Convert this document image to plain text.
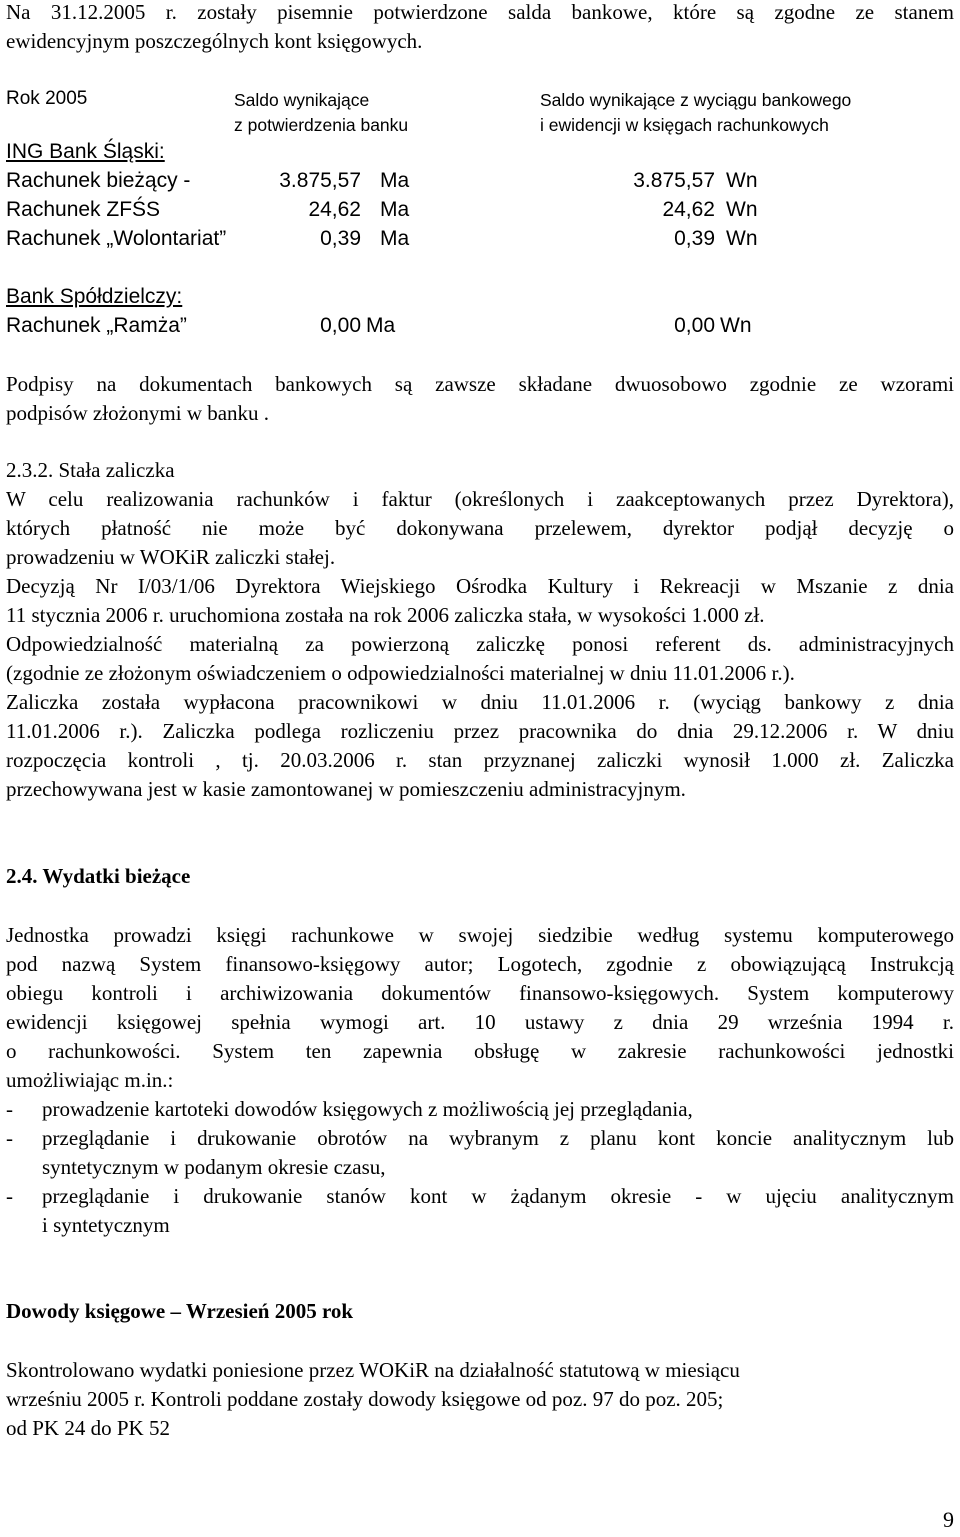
Na 31.12.2005 r. zostały pisemnie potwierdzone salda bankowe, które są zgodne ze stanem
ewidencyjnym poszczególnych kont księgowych.
Rok 2005	Saldo wynikające
z potwierdzenia banku
Saldo wynikające z wyciągu bankowego
i ewidencji w księgach rachunkowych
ING Bank Śląski:
Rachunek bieżący -	3.875,57 Ma	3.875,57 Wn
Rachunek ZFŚS	24,62 Ma	24,62 Wn
Rachunek „Wolontariat”	0,39 Ma	0,39 Wn
Bank Spółdzielczy:
Rachunek „Ramża”	0,00 Ma	0,00 Wn
Podpisy na dokumentach bankowych są zawsze składane dwuosobowo zgodnie ze wzorami
podpisów złożonymi w banku .
2.3.2. Stała zaliczka
W celu realizowania rachunków i faktur (określonych i zaakceptowanych przez Dyrektora),
których płatność nie może być dokonywana przelewem, dyrektor podjął decyzję o
prowadzeniu w WOKiR zaliczki stałej.
Decyzją Nr I/03/1/06 Dyrektora Wiejskiego Ośrodka Kultury i Rekreacji w Mszanie z dnia
11 stycznia 2006 r. uruchomiona została na rok 2006 zaliczka stała, w wysokości 1.000 zł.
Odpowiedzialność materialną za powierzoną zaliczkę ponosi referent ds. administracyjnych
(zgodnie ze złożonym oświadczeniem o odpowiedzialności materialnej w dniu 11.01.2006 r.).
Zaliczka została wypłacona pracownikowi w dniu 11.01.2006 r. (wyciąg bankowy z dnia
11.01.2006 r.). Zaliczka podlega rozliczeniu przez pracownika do dnia 29.12.2006 r. W dniu
rozpoczęcia kontroli , tj. 20.03.2006 r. stan przyznanej zaliczki wynosił 1.000 zł. Zaliczka
przechowywana jest w kasie zamontowanej w pomieszczeniu administracyjnym.
2.4. Wydatki bieżące
Jednostka prowadzi księgi rachunkowe w swojej siedzibie według systemu komputerowego
pod nazwą System finansowo-księgowy autor; Logotech, zgodnie z obowiązującą Instrukcją
obiegu kontroli i archiwizowania dokumentów finansowo-księgowych. System komputerowy
ewidencji księgowej spełnia wymogi art. 10 ustawy z dnia 29 września 1994 r.
o rachunkowości. System ten zapewnia obsługę w zakresie rachunkowości jednostki
umożliwiając m.in.:
- prowadzenie kartoteki dowodów księgowych z możliwością jej przeglądania,
- przeglądanie i drukowanie obrotów na wybranym z planu kont koncie analitycznym lub
syntetycznym w podanym okresie czasu,
- przeglądanie i drukowanie stanów kont w żądanym okresie - w ujęciu analitycznym
i syntetycznym
Dowody księgowe – Wrzesień 2005 rok
Skontrolowano wydatki poniesione przez WOKiR na działalność statutową w miesiącu
wrześniu 2005 r. Kontroli poddane zostały dowody księgowe od poz. 97 do poz. 205;
od PK 24 do PK 52
9
